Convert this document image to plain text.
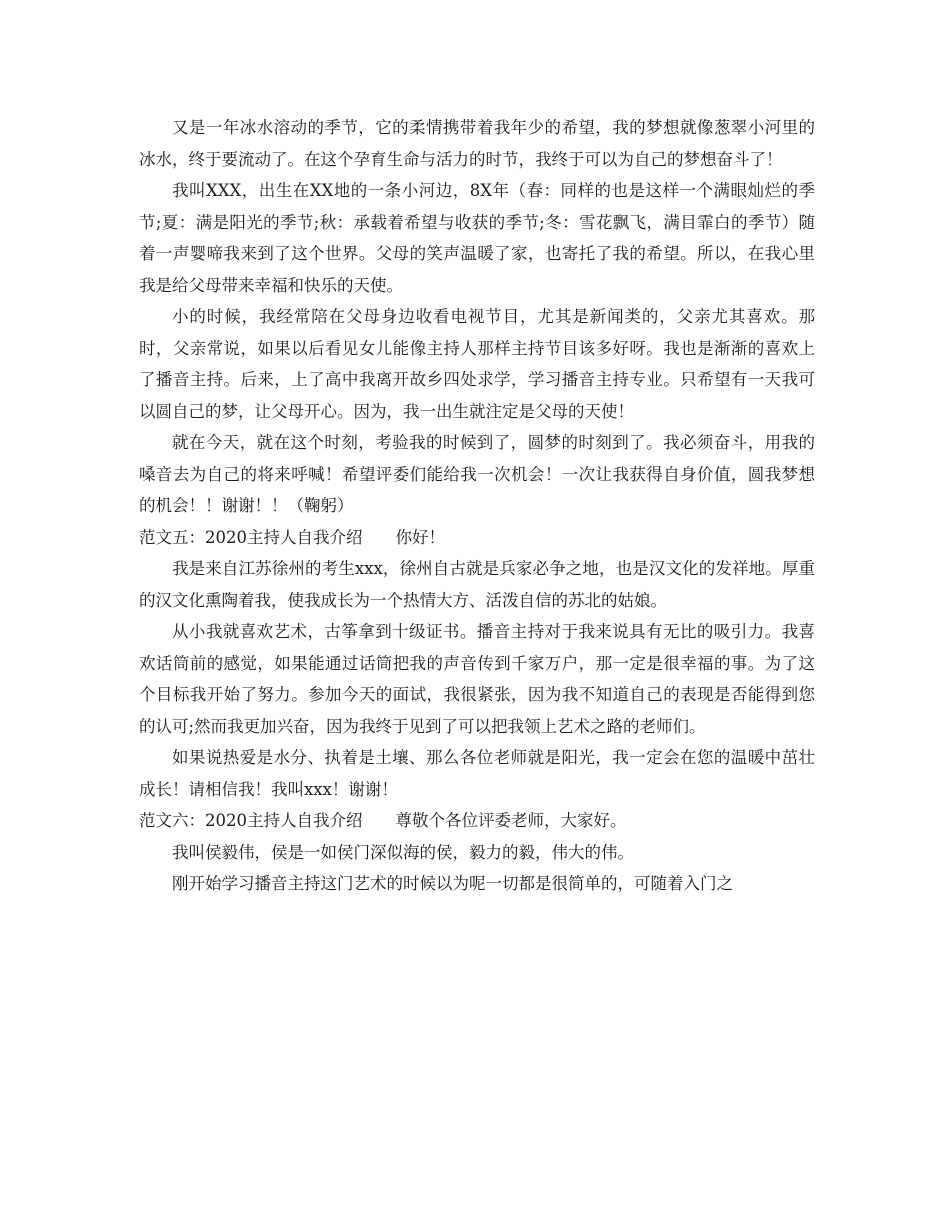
又是一年冰水溶动的季节，它的柔情携带着我年少的希望，我的梦想就像葱翠小河里的冰水，终于要流动了。在这个孕育生命与活力的时节，我终于可以为自己的梦想奋斗了！

我叫XXX，出生在XX地的一条小河边，8X年（春：同样的也是这样一个满眼灿烂的季节;夏：满是阳光的季节;秋：承载着希望与收获的季节;冬：雪花飘飞，满目霏白的季节）随着一声婴啼我来到了这个世界。父母的笑声温暖了家，也寄托了我的希望。所以，在我心里我是给父母带来幸福和快乐的天使。

小的时候，我经常陪在父母身边收看电视节目，尤其是新闻类的，父亲尤其喜欢。那时，父亲常说，如果以后看见女儿能像主持人那样主持节目该多好呀。我也是渐渐的喜欢上了播音主持。后来，上了高中我离开故乡四处求学，学习播音主持专业。只希望有一天我可以圆自己的梦，让父母开心。因为，我一出生就注定是父母的天使！

就在今天，就在这个时刻，考验我的时候到了，圆梦的时刻到了。我必须奋斗，用我的嗓音去为自己的将来呼喊！希望评委们能给我一次机会！一次让我获得自身价值，圆我梦想的机会！！谢谢！！（鞠躬）

范文五：2020主持人自我介绍　　你好！

我是来自江苏徐州的考生xxx，徐州自古就是兵家必争之地，也是汉文化的发祥地。厚重的汉文化熏陶着我，使我成长为一个热情大方、活泼自信的苏北的姑娘。

从小我就喜欢艺术，古筝拿到十级证书。播音主持对于我来说具有无比的吸引力。我喜欢话筒前的感觉，如果能通过话筒把我的声音传到千家万户，那一定是很幸福的事。为了这个目标我开始了努力。参加今天的面试，我很紧张，因为我不知道自己的表现是否能得到您的认可;然而我更加兴奋，因为我终于见到了可以把我领上艺术之路的老师们。

如果说热爱是水分、执着是土壤、那么各位老师就是阳光，我一定会在您的温暖中茁壮成长！请相信我！我叫xxx！谢谢！

范文六：2020主持人自我介绍　　尊敬个各位评委老师，大家好。

我叫侯毅伟，侯是一如侯门深似海的侯，毅力的毅，伟大的伟。

刚开始学习播音主持这门艺术的时候以为呢一切都是很简单的，可随着入门之
